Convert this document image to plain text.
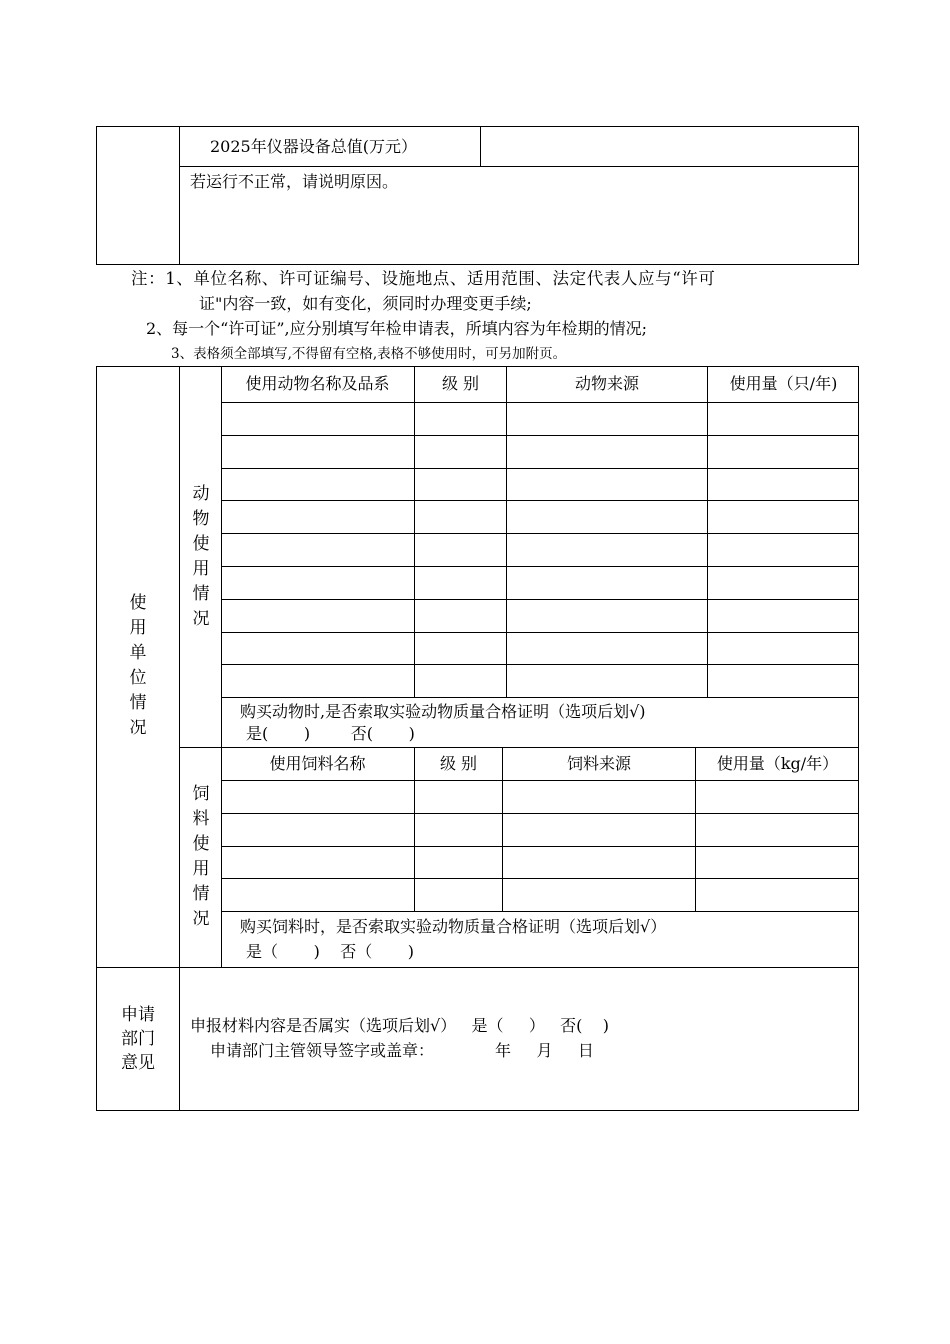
2025年仪器设备总值(万元）
若运行不正常，请说明原因。
注：1、单位名称、许可证编号、设施地点、适用范围、法定代表人应与“许可
证"内容一致，如有变化，须同时办理变更手续;
2、每一个“许可证”,应分别填写年检申请表，所填内容为年检期的情况;
3、表格须全部填写,不得留有空格,表格不够使用时，可另加附页。
使用单位情况
动物使用情况
饲料使用情况
使用动物名称及品系	级 别	动物来源	使用量（只/年)
购买动物时,是否索取实验动物质量合格证明（选项后划√)
是(       )        否(       )
使用饲料名称	级 别	饲料来源	使用量（kg/年）
购买饲料时，是否索取实验动物质量合格证明（选项后划√）
是（       )    否（       )
申请部门意见
申报材料内容是否属实（选项后划√）   是（     ）   否(    )
申请部门主管领导签字或盖章：            年     月     日
